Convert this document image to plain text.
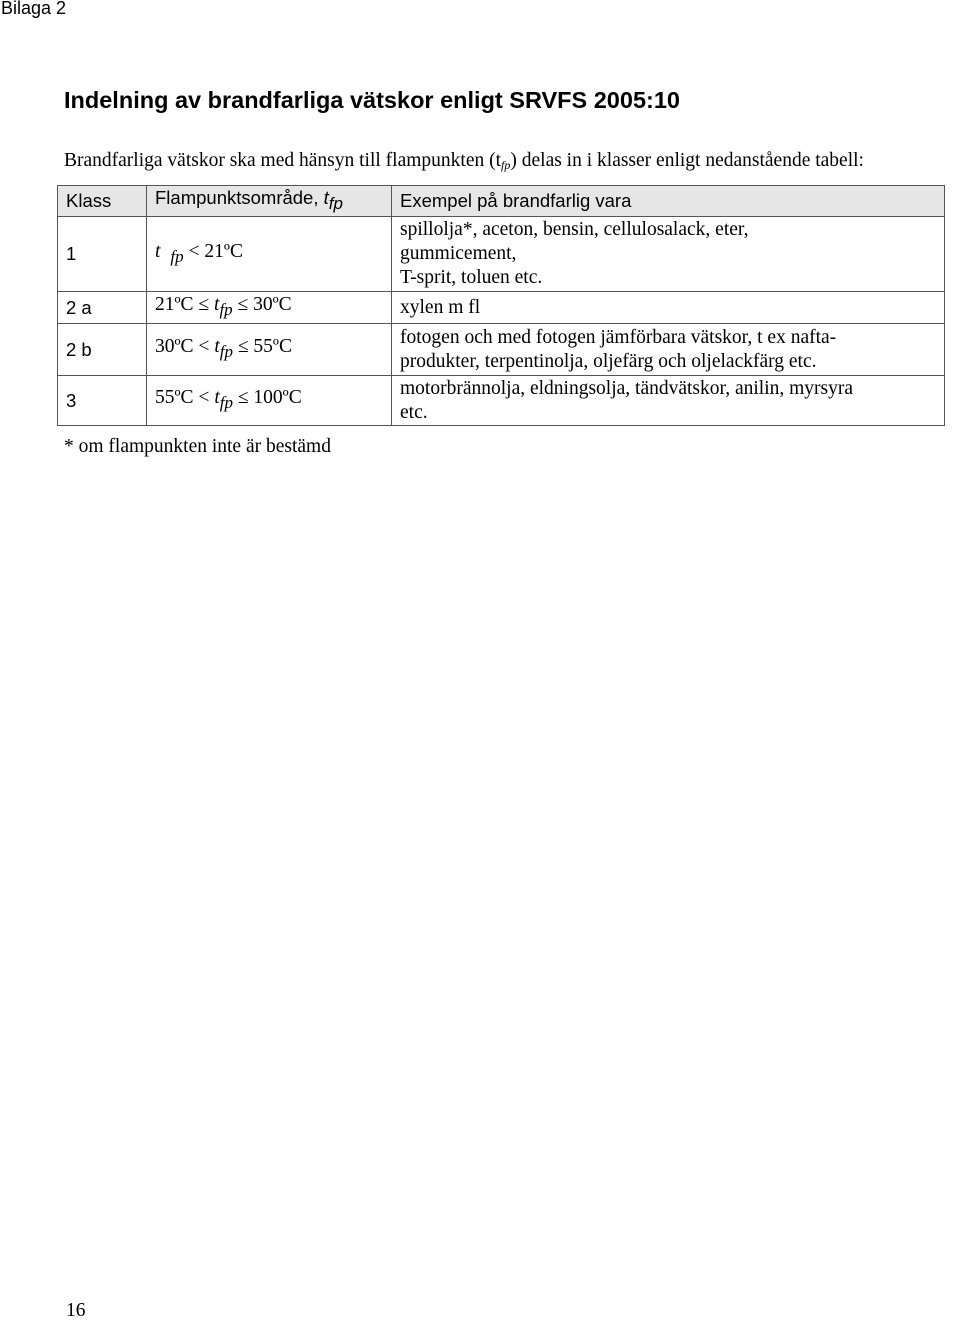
Bilaga 2
Indelning av brandfarliga vätskor enligt SRVFS 2005:10
Brandfarliga vätskor ska med hänsyn till flampunkten $(t_{fp})$ delas in i klasser enligt nedanstående tabell:
Klass	Flampunktsområde, tfp	Exempel på brandfarlig vara
1	t fp < 21ºC	spillolja*, aceton, bensin, cellulosalack, eter,
gummicement,
T-sprit, toluen etc.

2 a	21ºC ≤ tfp ≤ 30ºC	xylen m fl

2 b	30ºC < tfp ≤ 55ºC	fotogen och med fotogen jämförbara vätskor, t ex nafta-
produkter, terpentinolja, oljefärg och oljelackfärg etc.

3	55ºC < tfp ≤ 100ºC	motorbrännolja, eldningsolja, tändvätskor, anilin, myrsyra
etc.
* om flampunkten inte är bestämd
16
